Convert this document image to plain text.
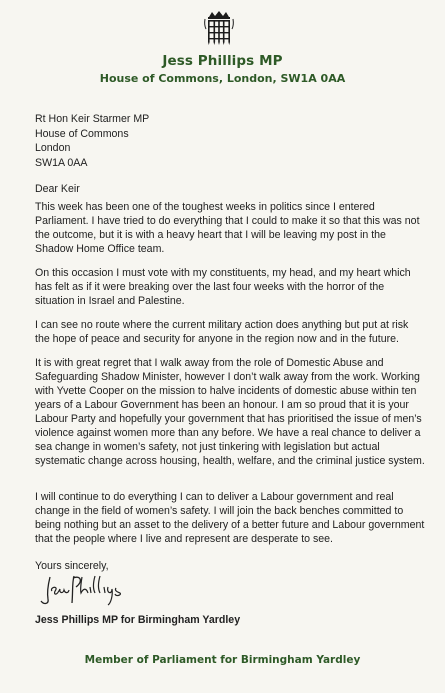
Jess Phillips MP
House of Commons, London, SW1A 0AA
Rt Hon Keir Starmer MP
House of Commons
London
SW1A 0AA
Dear Keir

This week has been one of the toughest weeks in politics since I entered Parliament. I have tried to do everything that I could to make it so that this was not the outcome, but it is with a heavy heart that I will be leaving my post in the Shadow Home Office team.

On this occasion I must vote with my constituents, my head, and my heart which has felt as if it were breaking over the last four weeks with the horror of the situation in Israel and Palestine.

I can see no route where the current military action does anything but put at risk the hope of peace and security for anyone in the region now and in the future.

It is with great regret that I walk away from the role of Domestic Abuse and Safeguarding Shadow Minister, however I don’t walk away from the work. Working with Yvette Cooper on the mission to halve incidents of domestic abuse within ten years of a Labour Government has been an honour. I am so proud that it is your Labour Party and hopefully your government that has prioritised the issue of men’s violence against women more than any before. We have a real chance to deliver a sea change in women’s safety, not just tinkering with legislation but actual systematic change across housing, health, welfare, and the criminal justice system.

I will continue to do everything I can to deliver a Labour government and real change in the field of women’s safety. I will join the back benches committed to being nothing but an asset to the delivery of a better future and Labour government that the people where I live and represent are desperate to see.

Yours sincerely,
Jess Phillips MP for Birmingham Yardley
Member of Parliament for Birmingham Yardley
